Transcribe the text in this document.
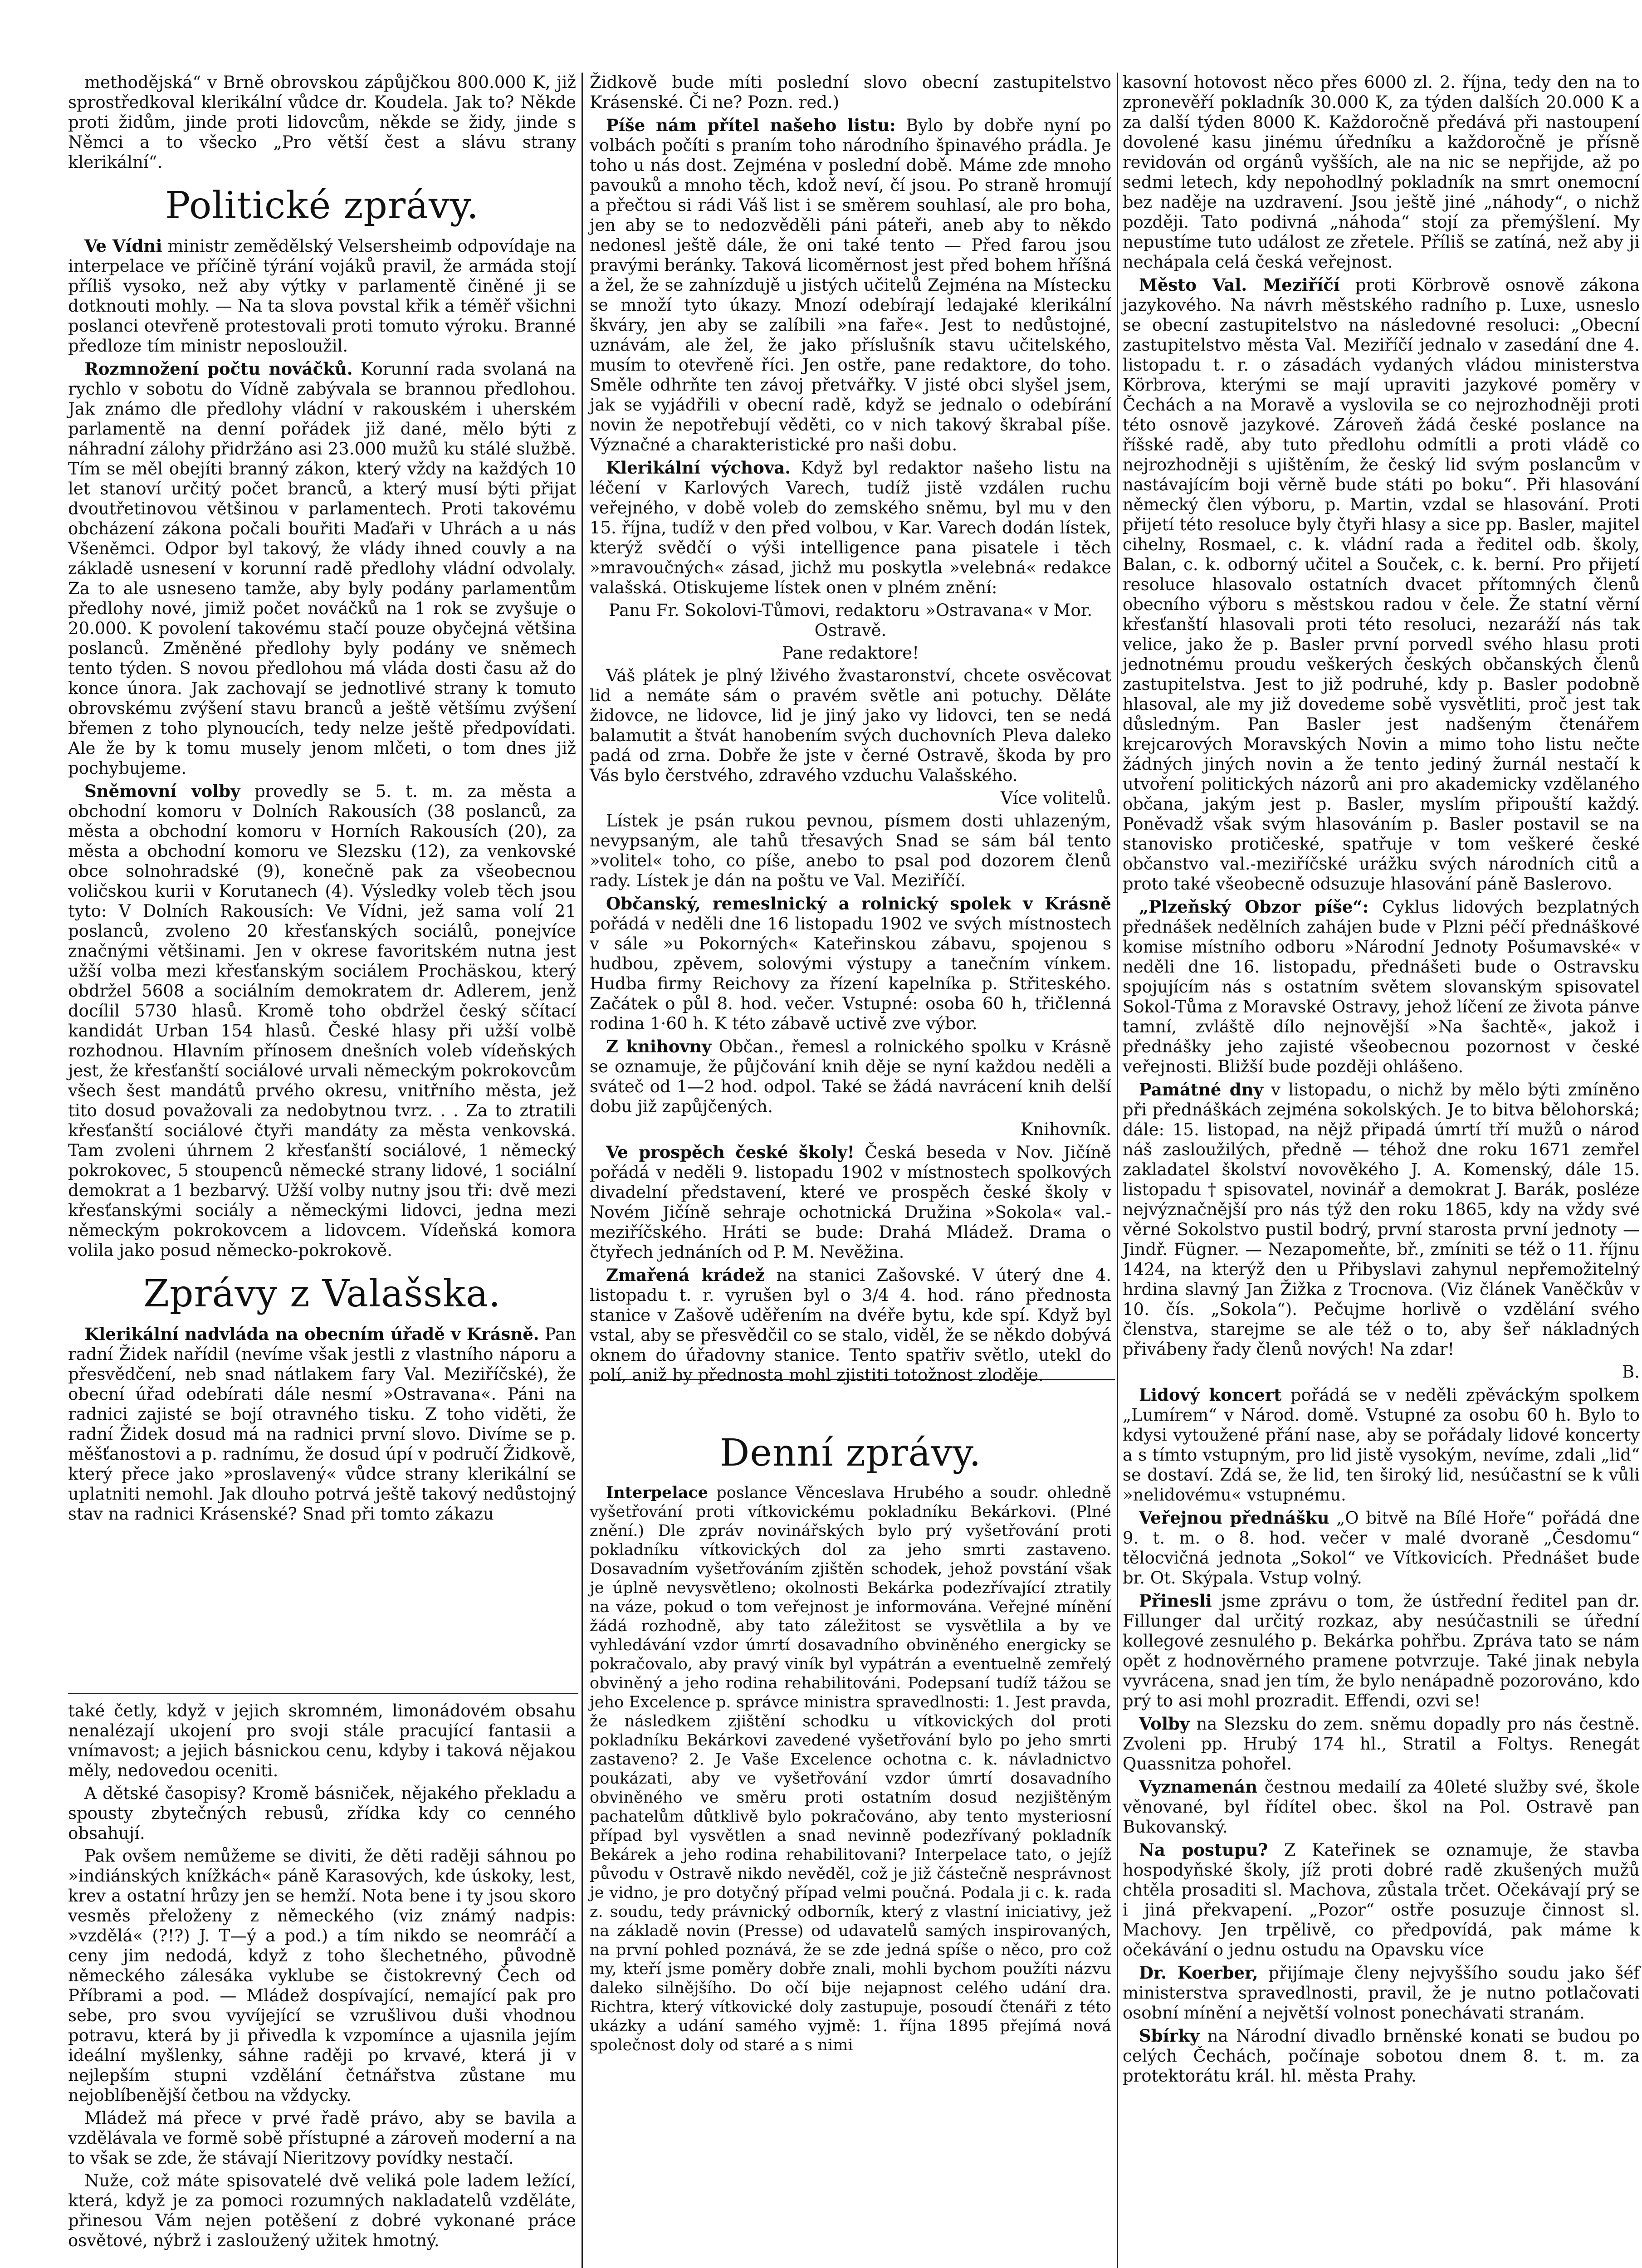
methodějská“ v Brně obrovskou zápůjčkou 800.000 K, již sprostředkoval klerikální vůdce dr. Koudela. Jak to? Někde proti židům, jinde proti lidovcům, někde se židy, jinde s Němci a to všecko „Pro větší čest a slávu strany klerikální“.

Politické zprávy.

Ve Vídni ministr zemědělský Velsersheimb odpovídaje na interpelace ve příčině týrání vojáků pravil, že armáda stojí příliš vysoko, než aby výtky v parlamentě činěné ji se dotknouti mohly. — Na ta slova povstal křik a téměř všichni poslanci otevřeně protestovali proti tomuto výroku. Branné předloze tím ministr neposloužil.

Rozmnožení počtu nováčků. Korunní rada svolaná na rychlo v sobotu do Vídně zabývala se brannou předlohou. Jak známo dle předlohy vládní v rakouském i uherském parlamentě na denní pořádek již dané, mělo býti z náhradní zálohy přidržáno asi 23.000 mužů ku stálé službě. Tím se měl obejíti branný zákon, který vždy na každých 10 let stanoví určitý počet branců, a který musí býti přijat dvoutřetinovou většinou v parlamentech. Proti takovému obcházení zákona počali bouřiti Maďaři v Uhrách a u nás Všeněmci. Odpor byl takový, že vlády ihned couvly a na základě usnesení v korunní radě předlohy vládní odvolaly. Za to ale usneseno tamže, aby byly podány parlamentům předlohy nové, jimiž počet nováčků na 1 rok se zvyšuje o 20.000. K povolení takovému stačí pouze obyčejná většina poslanců. Změněné předlohy byly podány ve sněmech tento týden. S novou předlohou má vláda dosti času až do konce února. Jak zachovají se jednotlivé strany k tomuto obrovskému zvýšení stavu branců a ještě většímu zvýšení břemen z toho plynoucích, tedy nelze ještě předpovídati. Ale že by k tomu musely jenom mlčeti, o tom dnes již pochybujeme.

Sněmovní volby provedly se 5. t. m. za města a obchodní komoru v Dolních Rakousích (38 poslanců, za města a obchodní komoru v Horních Rakousích (20), za města a obchodní komoru ve Slezsku (12), za venkovské obce solnohradské (9), konečně pak za všeobecnou voličskou kurii v Korutanech (4). Výsledky voleb těch jsou tyto: V Dolních Rakousích: Ve Vídni, jež sama volí 21 poslanců, zvoleno 20 křesťanských sociálů, ponejvíce značnými většinami. Jen v okrese favoritském nutna jest užší volba mezi křesťanským sociálem Prochäskou, který obdržel 5608 a sociálním demokratem dr. Adlerem, jenž docílil 5730 hlasů. Kromě toho obdržel český sčítací kandidát Urban 154 hlasů. České hlasy při užší volbě rozhodnou. Hlavním přínosem dnešních voleb vídeňských jest, že křesťanští sociálové urvali německým pokrokovcům všech šest mandátů prvého okresu, vnitřního města, jež tito dosud považovali za nedobytnou tvrz. . . Za to ztratili křesťanští sociálové čtyři mandáty za města venkovská. Tam zvoleni úhrnem 2 křesťanští sociálové, 1 německý pokrokovec, 5 stoupenců německé strany lidové, 1 sociální demokrat a 1 bezbarvý. Užší volby nutny jsou tři: dvě mezi křesťanskými sociály a německými lidovci, jedna mezi německým pokrokovcem a lidovcem. Vídeňská komora volila jako posud německo-pokrokově.

Zprávy z Valašska.

Klerikální nadvláda na obecním úřadě v Krásně. Pan radní Židek nařídil (nevíme však jestli z vlastního náporu a přesvědčení, neb snad nátlakem fary Val. Meziříčské), že obecní úřad odebírati dále nesmí »Ostravana«. Páni na radnici zajisté se bojí otravného tisku. Z toho viděti, že radní Židek dosud má na radnici první slovo. Divíme se p. měšťanostovi a p. radnímu, že dosud úpí v područí Židkově, který přece jako »proslavený« vůdce strany klerikální se uplatniti nemohl. Jak dlouho potrvá ještě takový nedůstojný stav na radnici Krásenské? Snad při tomto zákazu

také četly, když v jejich skromném, limonádovém obsahu nenalézají ukojení pro svoji stále pracující fantasii a vnímavost; a jejich básnickou cenu, kdyby i taková nějakou měly, nedovedou oceniti.

A dětské časopisy? Kromě básniček, nějakého překladu a spousty zbytečných rebusů, zřídka kdy co cenného obsahují.

Pak ovšem nemůžeme se diviti, že děti raději sáhnou po »indiánských knížkách« páně Karasových, kde úskoky, lest, krev a ostatní hrůzy jen se hemží. Nota bene i ty jsou skoro vesměs přeloženy z německého (viz známý nadpis: »vzdělá« (?!?) J. T—ý a pod.) a tím nikdo se neomráčí a ceny jim nedodá, když z toho šlechetného, původně německého zálesáka vyklube se čistokrevný Čech od Příbrami a pod. — Mládež dospívající, nemající pak pro sebe, pro svou vyvíjející se vzrušlivou duši vhodnou potravu, která by ji přivedla k vzpomínce a ujasnila jejím ideální myšlenky, sáhne raději po krvavé, která ji v nejlepším stupni vzdělání četnářstva zůstane mu nejoblíbenější četbou na vždycky.

Mládež má přece v prvé řadě právo, aby se bavila a vzdělávala ve formě sobě přístupné a zároveň moderní a na to však se zde, že stávají Nieritzovy povídky nestačí.

Nuže, což máte spisovatelé dvě veliká pole ladem ležící, která, když je za pomoci rozumných nakladatelů vzděláte, přinesou Vám nejen potěšení z dobré vykonané práce osvětové, nýbrž i zasloužený užitek hmotný.

Židkově bude míti poslední slovo obecní zastupitelstvo Krásenské. Či ne? Pozn. red.)

Píše nám přítel našeho listu: Bylo by dobře nyní po volbách počíti s praním toho národního špinavého prádla. Je toho u nás dost. Zejména v poslední době. Máme zde mnoho pavouků a mnoho těch, kdož neví, čí jsou. Po straně hromují a přečtou si rádi Váš list i se směrem souhlasí, ale pro boha, jen aby se to nedozvěděli páni páteři, aneb aby to někdo nedonesl ještě dále, že oni také tento — Před farou jsou pravými beránky. Taková licoměrnost jest před bohem hříšná a žel, že se zahnízdujě u jistých učitelů Zejména na Místecku se množí tyto úkazy. Mnozí odebírají ledajaké klerikální škváry, jen aby se zalíbili »na faře«. Jest to nedůstojné, uznávám, ale žel, že jako příslušník stavu učitelského, musím to otevřeně říci. Jen ostře, pane redaktore, do toho. Směle odhrňte ten závoj přetvářky. V jisté obci slyšel jsem, jak se vyjádřili v obecní radě, když se jednalo o odebírání novin že nepotřebují věděti, co v nich takový škrabal píše. Význačné a charakteristické pro naši dobu.

Klerikální výchova. Když byl redaktor našeho listu na léčení v Karlových Varech, tudíž jistě vzdálen ruchu veřejného, v době voleb do zemského sněmu, byl mu v den 15. října, tudíž v den před volbou, v Kar. Varech dodán lístek, kterýž svědčí o výši intelligence pana pisatele i těch »mravoučných« zásad, jichž mu poskytla »velebná« redakce valašská. Otiskujeme lístek onen v plném znění:

Panu Fr. Sokolovi-Tůmovi, redaktoru »Ostravana« v Mor. Ostravě.

Pane redaktore!

Váš plátek je plný lživého žvastaronství, chcete osvěcovat lid a nemáte sám o pravém světle ani potuchy. Děláte židovce, ne lidovce, lid je jiný jako vy lidovci, ten se nedá balamutit a štvát hanobením svých duchovních Pleva daleko padá od zrna. Dobře že jste v černé Ostravě, škoda by pro Vás bylo čerstvého, zdravého vzduchu Valašského.

Více volitelů.

Lístek je psán rukou pevnou, písmem dosti uhlazeným, nevypsaným, ale tahů třesavých Snad se sám bál tento »volitel« toho, co píše, anebo to psal pod dozorem členů rady. Lístek je dán na poštu ve Val. Meziříčí.

Občanský, remeslnický a rolnický spolek v Krásně pořádá v neděli dne 16 listopadu 1902 ve svých místnostech v sále »u Pokorných« Kateřinskou zábavu, spojenou s hudbou, zpěvem, solovými výstupy a tanečním vínkem. Hudba firmy Reichovy za řízení kapelníka p. Střiteského. Začátek o půl 8. hod. večer. Vstupné: osoba 60 h, třičlenná rodina 1·60 h. K této zábavě uctivě zve výbor.

Z knihovny Občan., řemesl a rolnického spolku v Krásně se oznamuje, že půjčování knih děje se nyní každou neděli a sváteč od 1—2 hod. odpol. Také se žádá navrácení knih delší dobu již zapůjčených.

Knihovník.

Ve prospěch české školy! Česká beseda v Nov. Jičíně pořádá v neděli 9. listopadu 1902 v místnostech spolkových divadelní představení, které ve prospěch české školy v Novém Jičíně sehraje ochotnická Družina »Sokola« val.-meziříčského. Hráti se bude: Drahá Mládež. Drama o čtyřech jednáních od P. M. Nevěžina.

Zmařená krádež na stanici Zašovské. V úterý dne 4. listopadu t. r. vyrušen byl o 3/4 4. hod. ráno přednosta stanice v Zašově uděřením na dvéře bytu, kde spí. Když byl vstal, aby se přesvědčil co se stalo, viděl, že se někdo dobývá oknem do úřadovny stanice. Tento spatřiv světlo, utekl do polí, aniž by přednosta mohl zjistiti totožnost zloděje.

Denní zprávy.

Interpelace poslance Věnceslava Hrubého a soudr. ohledně vyšetřování proti vítkovickému pokladníku Bekárkovi. (Plné znění.) Dle zpráv novinářských bylo prý vyšetřování proti pokladníku vítkovických dol za jeho smrti zastaveno. Dosavadním vyšetřováním zjištěn schodek, jehož povstání však je úplně nevysvětleno; okolnosti Bekárka podezřívající ztratily na váze, pokud o tom veřejnost je informována. Veřejné mínění žádá rozhodně, aby tato záležitost se vysvětlila a by ve vyhledávání vzdor úmrtí dosavadního obviněného energicky se pokračovalo, aby pravý viník byl vypátrán a eventuelně zemřelý obviněný a jeho rodina rehabilitováni. Podepsaní tudíž tážou se jeho Excelence p. správce ministra spravedlnosti: 1. Jest pravda, že následkem zjištění schodku u vítkovických dol proti pokladníku Bekárkovi zavedené vyšetřování bylo po jeho smrti zastaveno? 2. Je Vaše Excelence ochotna c. k. návladnictvo poukázati, aby ve vyšetřování vzdor úmrtí dosavadního obviněného ve směru proti ostatním dosud nezjištěným pachatelům důtklivě bylo pokračováno, aby tento mysteriosní případ byl vysvětlen a snad nevinně podezřívaný pokladník Bekárek a jeho rodina rehabilitovani? Interpelace tato, o jejíž původu v Ostravě nikdo nevěděl, což je již částečně nesprávnost je vidno, je pro dotyčný případ velmi poučná. Podala ji c. k. rada z. soudu, tedy právnický odborník, který z vlastní iniciativy, jež na základě novin (Presse) od udavatelů samých inspirovaných, na první pohled poznává, že se zde jedná spíše o něco, pro což my, kteří jsme poměry dobře znali, mohli bychom použíti názvu daleko silnějšího. Do očí bije nejapnost celého udání dra. Richtra, který vítkovické doly zastupuje, posoudí čtenáři z této ukázky a udání samého vyjmě: 1. října 1895 přejímá nová společnost doly od staré a s nimi

kasovní hotovost něco přes 6000 zl. 2. října, tedy den na to zpronevěří pokladník 30.000 K, za týden dalších 20.000 K a za další týden 8000 K. Každoročně předává při nastoupení dovolené kasu jinému úředníku a každoročně je přísně revidován od orgánů vyšších, ale na nic se nepřijde, až po sedmi letech, kdy nepohodlný pokladník na smrt onemocní bez naděje na uzdravení. Jsou ještě jiné „náhody“, o nichž později. Tato podivná „náhoda“ stojí za přemýšlení. My nepustíme tuto událost ze zřetele. Příliš se zatíná, než aby ji nechápala celá česká veřejnost.

Město Val. Meziříčí proti Körbrově osnově zákona jazykového. Na návrh městského radního p. Luxe, usneslo se obecní zastupitelstvo na následovné resoluci: „Obecní zastupitelstvo města Val. Meziříčí jednalo v zasedání dne 4. listopadu t. r. o zásadách vydaných vládou ministerstva Körbrova, kterými se mají upraviti jazykové poměry v Čechách a na Moravě a vyslovila se co nejrozhodněji proti této osnově jazykové. Zároveň žádá české poslance na říšské radě, aby tuto předlohu odmítli a proti vládě co nejrozhodněji s ujištěním, že český lid svým poslancům v nastávajícím boji věrně bude státi po boku“. Při hlasování německý člen výboru, p. Martin, vzdal se hlasování. Proti přijetí této resoluce byly čtyři hlasy a sice pp. Basler, majitel cihelny, Rosmael, c. k. vládní rada a ředitel odb. školy, Balan, c. k. odborný učitel a Souček, c. k. berní. Pro přijetí resoluce hlasovalo ostatních dvacet přítomných členů obecního výboru s městskou radou v čele. Že statní věrní křesťanští hlasovali proti této resoluci, nezaráží nás tak velice, jako že p. Basler první porvedl svého hlasu proti jednotnému proudu veškerých českých občanských členů zastupitelstva. Jest to již podruhé, kdy p. Basler podobně hlasoval, ale my již dovedeme sobě vysvětliti, proč jest tak důsledným. Pan Basler jest nadšeným čtenářem krejcarových Moravských Novin a mimo toho listu nečte žádných jiných novin a že tento jediný žurnál nestačí k utvoření politických názorů ani pro akademicky vzdělaného občana, jakým jest p. Basler, myslím připouští každý. Poněvadž však svým hlasováním p. Basler postavil se na stanovisko protičeské, spatřuje v tom veškeré české občanstvo val.-meziříčské urážku svých národních citů a proto také všeobecně odsuzuje hlasování páně Baslerovo.

„Plzeňský Obzor píše“: Cyklus lidových bezplatných přednášek nedělních zahájen bude v Plzni péčí přednáškové komise místního odboru »Národní Jednoty Pošumavské« v neděli dne 16. listopadu, přednášeti bude o Ostravsku spojujícím nás s ostatním světem slovanským spisovatel Sokol-Tůma z Moravské Ostravy, jehož líčení ze života pánve tamní, zvláště dílo nejnovější »Na šachtě«, jakož i přednášky jeho zajisté všeobecnou pozornost v české veřejnosti. Bližší bude později ohlášeno.

Památné dny v listopadu, o nichž by mělo býti zmíněno při přednáškách zejména sokolských. Je to bitva bělohorská; dále: 15. listopad, na nějž připadá úmrtí tří mužů o národ náš zasloužilých, předně — téhož dne roku 1671 zemřel zakladatel školství novověkého J. A. Komenský, dále 15. listopadu † spisovatel, novinář a demokrat J. Barák, posléze nejvýznačnější pro nás týž den roku 1865, kdy na vždy své věrné Sokolstvo pustil bodrý, první starosta první jednoty — Jindř. Fügner. — Nezapomeňte, bř., zmíniti se též o 11. říjnu 1424, na kterýž den u Přibyslavi zahynul nepřemožitelný hrdina slavný Jan Žižka z Trocnova. (Viz článek Vaněčkův v 10. čís. „Sokola“). Pečujme horlivě o vzdělání svého členstva, starejme se ale též o to, aby šeř nákladných přivábeny řady členů nových! Na zdar!

B.

Lidový koncert pořádá se v neděli zpěváckým spolkem „Lumírem“ v Národ. domě. Vstupné za osobu 60 h. Bylo to kdysi vytoužené přání nase, aby se pořádaly lidové koncerty a s tímto vstupným, pro lid jistě vysokým, nevíme, zdali „lid“ se dostaví. Zdá se, že lid, ten široký lid, nesúčastní se k vůli »nelidovému« vstupnému.

Veřejnou přednášku „O bitvě na Bílé Hoře“ pořádá dne 9. t. m. o 8. hod. večer v malé dvoraně „Česdomu“ tělocvičná jednota „Sokol“ ve Vítkovicích. Přednášet bude br. Ot. Skýpala. Vstup volný.

Přinesli jsme zprávu o tom, že ústřední ředitel pan dr. Fillunger dal určitý rozkaz, aby nesúčastnili se úřední kollegové zesnulého p. Bekárka pohřbu. Zpráva tato se nám opět z hodnověrného pramene potvrzuje. Také jinak nebyla vyvrácena, snad jen tím, že bylo nenápadně pozorováno, kdo prý to asi mohl prozradit. Effendi, ozvi se!

Volby na Slezsku do zem. sněmu dopadly pro nás čestně. Zvoleni pp. Hrubý 174 hl., Stratil a Foltys. Renegát Quassnitza pohořel.

Vyznamenán čestnou medailí za 40leté služby své, škole věnované, byl řídítel obec. škol na Pol. Ostravě pan Bukovanský.

Na postupu? Z Kateřinek se oznamuje, že stavba hospodyňské školy, jíž proti dobré radě zkušených mužů chtěla prosaditi sl. Machova, zůstala trčet. Očekávají prý se i jiná překvapení. „Pozor“ ostře posuzuje činnost sl. Machovy. Jen trpělivě, co předpovídá, pak máme k očekávání o jednu ostudu na Opavsku více

Dr. Koerber, přijímaje členy nejvyššího soudu jako šéf ministerstva spravedlnosti, pravil, že je nutno potlačovati osobní mínění a největší volnost ponechávati stranám.

Sbírky na Národní divadlo brněnské konati se budou po celých Čechách, počínaje sobotou dnem 8. t. m. za protektorátu král. hl. města Prahy.
